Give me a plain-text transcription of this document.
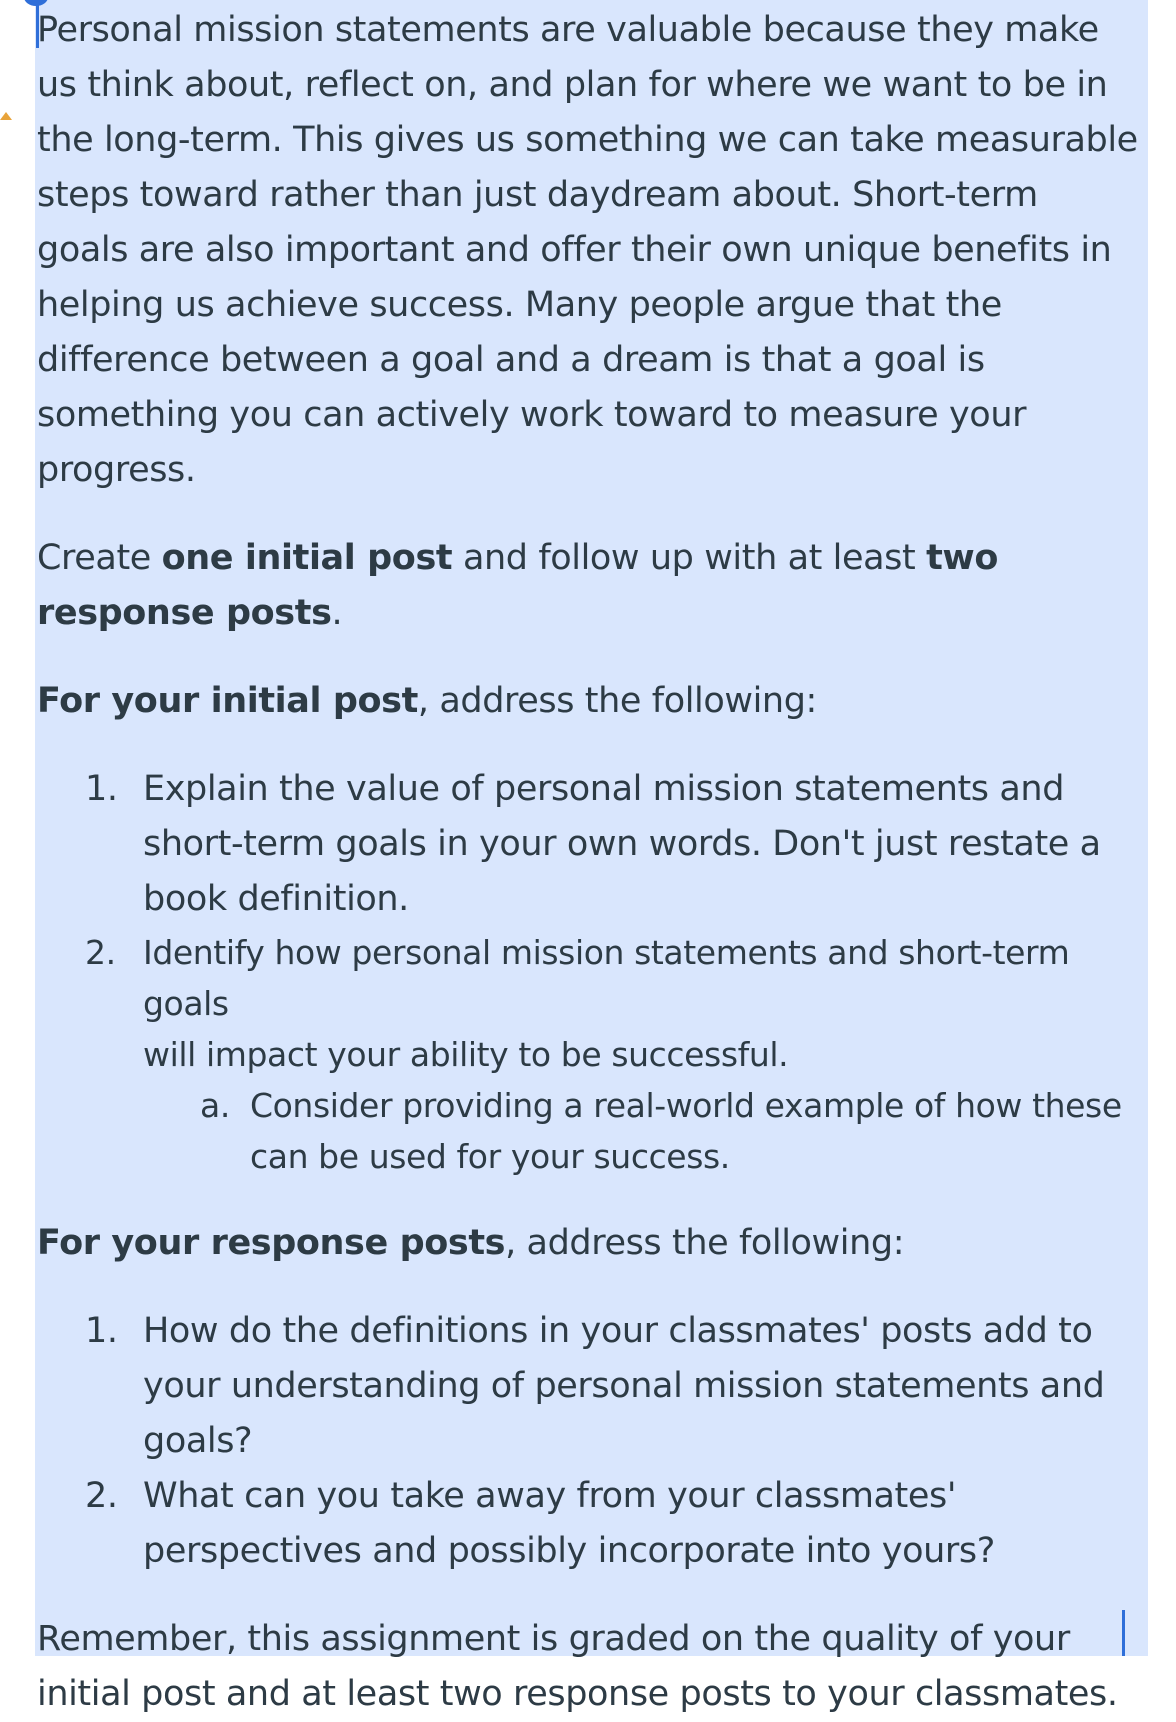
Personal mission statements are valuable because they make
us think about, reflect on, and plan for where we want to be in
the long-term. This gives us something we can take measurable
steps toward rather than just daydream about. Short-term
goals are also important and offer their own unique benefits in
helping us achieve success. Many people argue that the
difference between a goal and a dream is that a goal is
something you can actively work toward to measure your
progress.
Create one initial post and follow up with at least two
response posts.
For your initial post, address the following:
1. Explain the value of personal mission statements and
short-term goals in your own words. Don't just restate a
book definition.
2. Identify how personal mission statements and short-term goals
will impact your ability to be successful.
a. Consider providing a real-world example of how these
can be used for your success.
For your response posts, address the following:
1. How do the definitions in your classmates' posts add to
your understanding of personal mission statements and
goals?
2. What can you take away from your classmates'
perspectives and possibly incorporate into yours?
Remember, this assignment is graded on the quality of your
initial post and at least two response posts to your classmates.
